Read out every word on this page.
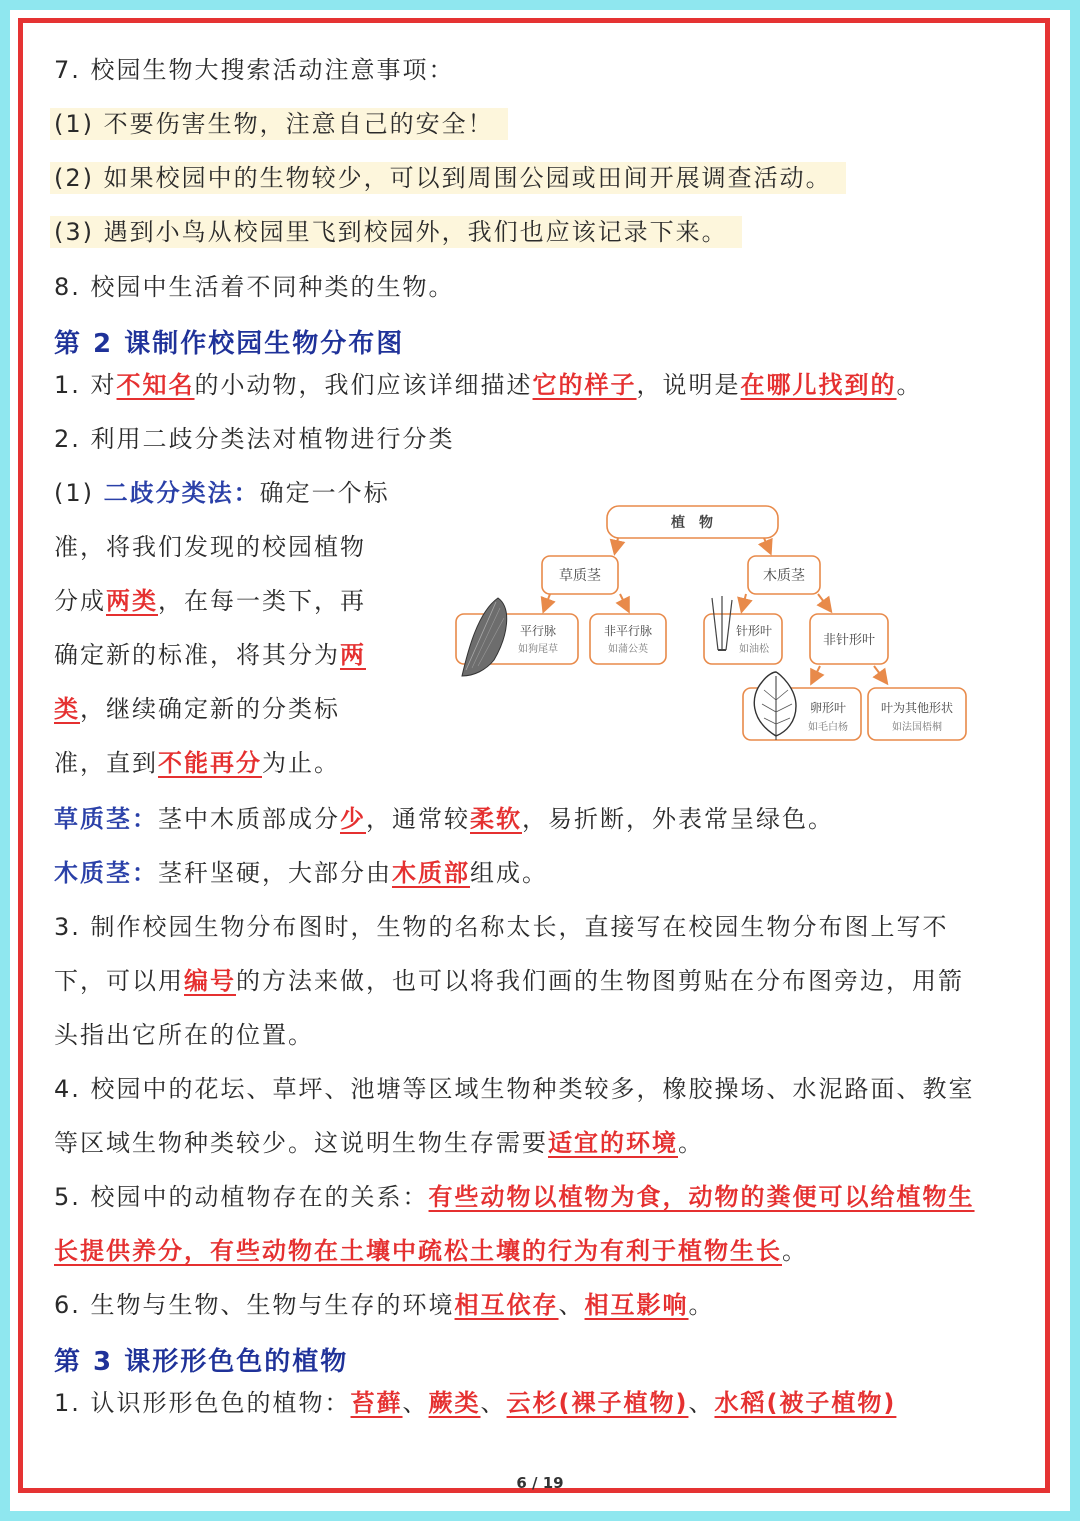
7. 校园生物大搜索活动注意事项：
(1) 不要伤害生物，注意自己的安全！
(2) 如果校园中的生物较少，可以到周围公园或田间开展调查活动。
(3) 遇到小鸟从校园里飞到校园外，我们也应该记录下来。
8. 校园中生活着不同种类的生物。
第 2 课制作校园生物分布图
1. 对不知名的小动物，我们应该详细描述它的样子，说明是在哪儿找到的。
2. 利用二歧分类法对植物进行分类
(1) 二歧分类法：确定一个标
准，将我们发现的校园植物
分成两类，在每一类下，再
确定新的标准，将其分为两
类，继续确定新的分类标
准，直到不能再分为止。
植　物
草质茎	木质茎
平行脉
如狗尾草
非平行脉
如蒲公英
针形叶
如油松
非针形叶
卵形叶
如毛白杨
叶为其他形状
如法国梧桐
草质茎：茎中木质部成分少，通常较柔软，易折断，外表常呈绿色。
木质茎：茎秆坚硬，大部分由木质部组成。
3. 制作校园生物分布图时，生物的名称太长，直接写在校园生物分布图上写不
下，可以用编号的方法来做，也可以将我们画的生物图剪贴在分布图旁边，用箭
头指出它所在的位置。
4. 校园中的花坛、草坪、池塘等区域生物种类较多，橡胶操场、水泥路面、教室
等区域生物种类较少。这说明生物生存需要适宜的环境。
5. 校园中的动植物存在的关系：有些动物以植物为食，动物的粪便可以给植物生
长提供养分，有些动物在土壤中疏松土壤的行为有利于植物生长。
6. 生物与生物、生物与生存的环境相互依存、相互影响。
第 3 课形形色色的植物
1. 认识形形色色的植物：苔藓、蕨类、云杉(裸子植物)、水稻(被子植物)
6 / 19
